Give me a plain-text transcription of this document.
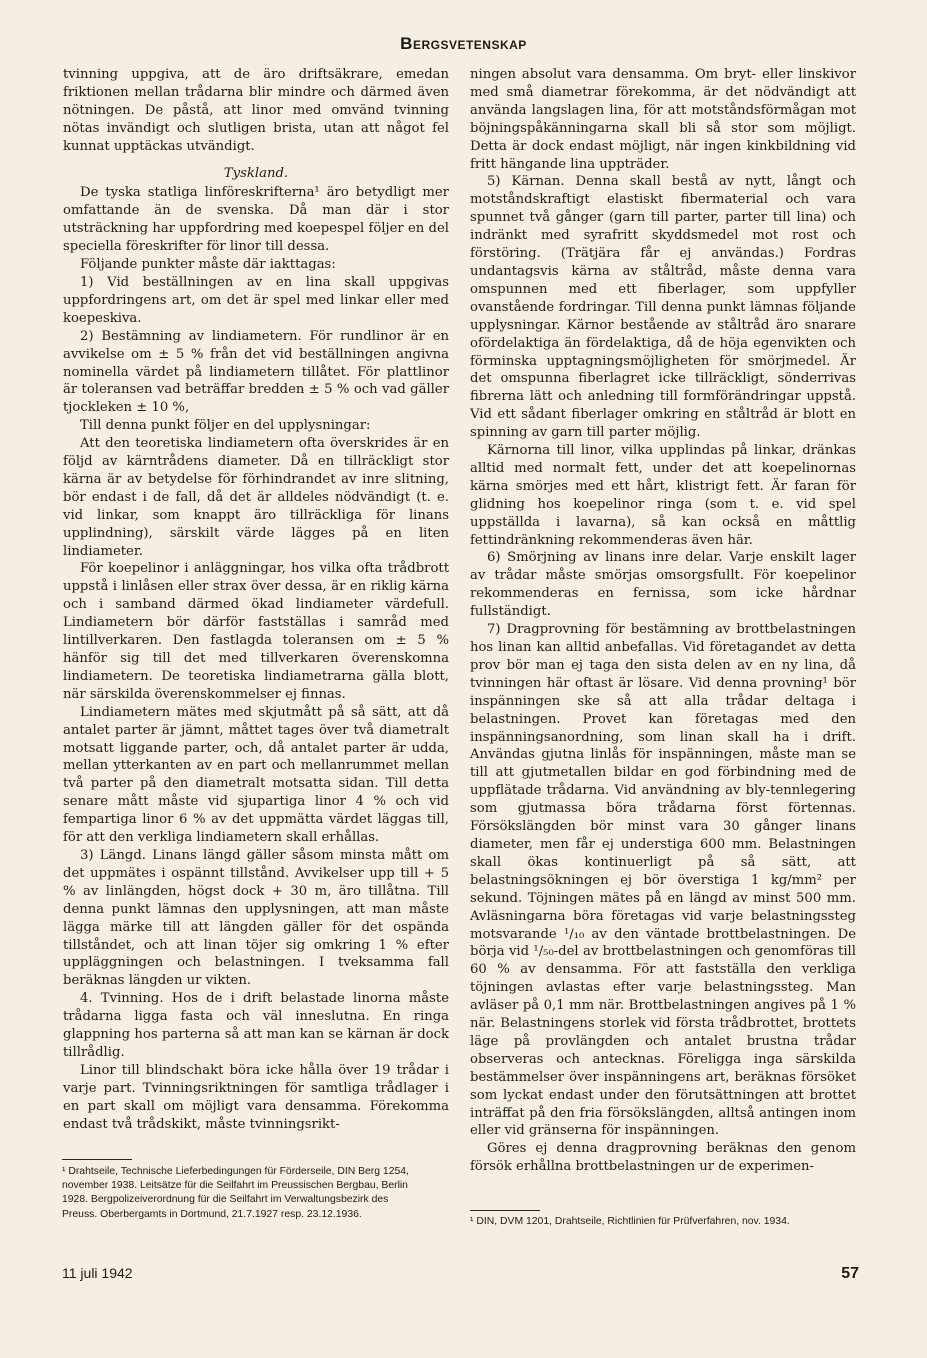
Bergsvetenskap

tvinning uppgiva, att de äro driftsäkrare, emedan friktionen mellan trådarna blir mindre och därmed även nötningen. De påstå, att linor med omvänd tvinning nötas invändigt och slutligen brista, utan att något fel kunnat upptäckas utvändigt.

Tyskland.

De tyska statliga linföreskrifterna¹ äro betydligt mer omfattande än de svenska. Då man där i stor utsträckning har uppfordring med koepespel följer en del speciella föreskrifter för linor till dessa.

Följande punkter måste där iakttagas:

1) Vid beställningen av en lina skall uppgivas uppfordringens art, om det är spel med linkar eller med koepeskiva.

2) Bestämning av lindiametern. För rundlinor är en avvikelse om ± 5 % från det vid beställningen angivna nominella värdet på lindiametern tillåtet. För plattlinor är toleransen vad beträffar bredden ± 5 % och vad gäller tjockleken ± 10 %,

Till denna punkt följer en del upplysningar:

Att den teoretiska lindiametern ofta överskrides är en följd av kärntrådens diameter. Då en tillräckligt stor kärna är av betydelse för förhindrandet av inre slitning, bör endast i de fall, då det är alldeles nödvändigt (t. e. vid linkar, som knappt äro tillräckliga för linans upplindning), särskilt värde lägges på en liten lindiameter.

För koepelinor i anläggningar, hos vilka ofta trådbrott uppstå i linlåsen eller strax över dessa, är en riklig kärna och i samband därmed ökad lindiameter värdefull. Lindiametern bör därför fastställas i samråd med lintillverkaren. Den fastlagda toleransen om ± 5 % hänför sig till det med tillverkaren överenskomna lindiametern. De teoretiska lindiametrarna gälla blott, när särskilda överenskommelser ej finnas.

Lindiametern mätes med skjutmått på så sätt, att då antalet parter är jämnt, måttet tages över två diametralt motsatt liggande parter, och, då antalet parter är udda, mellan ytterkanten av en part och mellanrummet mellan två parter på den diametralt motsatta sidan. Till detta senare mått måste vid sjupartiga linor 4 % och vid fempartiga linor 6 % av det uppmätta värdet läggas till, för att den verkliga lindiametern skall erhållas.

3) Längd. Linans längd gäller såsom minsta mått om det uppmätes i ospännt tillstånd. Avvikelser upp till + 5 % av linlängden, högst dock + 30 m, äro tillåtna. Till denna punkt lämnas den upplysningen, att man måste lägga märke till att längden gäller för det ospända tillståndet, och att linan töjer sig omkring 1 % efter uppläggningen och belastningen. I tveksamma fall beräknas längden ur vikten.

4. Tvinning. Hos de i drift belastade linorna måste trådarna ligga fasta och väl inneslutna. En ringa glappning hos parterna så att man kan se kärnan är dock tillrådlig.

Linor till blindschakt böra icke hålla över 19 trådar i varje part. Tvinningsriktningen för samtliga trådlager i en part skall om möjligt vara densamma. Förekomma endast två trådskikt, måste tvinningsrikt-

ningen absolut vara densamma. Om bryt- eller linskivor med små diametrar förekomma, är det nödvändigt att använda langslagen lina, för att motståndsförmågan mot böjningspåkänningarna skall bli så stor som möjligt. Detta är dock endast möjligt, när ingen kinkbildning vid fritt hängande lina uppträder.

5) Kärnan. Denna skall bestå av nytt, långt och motståndskraftigt elastiskt fibermaterial och vara spunnet två gånger (garn till parter, parter till lina) och indränkt med syrafritt skyddsmedel mot rost och förstöring. (Trätjära får ej användas.) Fordras undantagsvis kärna av ståltråd, måste denna vara omspunnen med ett fiberlager, som uppfyller ovanstående fordringar. Till denna punkt lämnas följande upplysningar. Kärnor bestående av ståltråd äro snarare ofördelaktiga än fördelaktiga, då de höja egenvikten och förminska upptagningsmöjligheten för smörjmedel. Är det omspunna fiberlagret icke tillräckligt, sönderrivas fibrerna lätt och anledning till formförändringar uppstå. Vid ett sådant fiberlager omkring en ståltråd är blott en spinning av garn till parter möjlig.

Kärnorna till linor, vilka upplindas på linkar, dränkas alltid med normalt fett, under det att koepelinornas kärna smörjes med ett hårt, klistrigt fett. Är faran för glidning hos koepelinor ringa (som t. e. vid spel uppställda i lavarna), så kan också en måttlig fettindränkning rekommenderas även här.

6) Smörjning av linans inre delar. Varje enskilt lager av trådar måste smörjas omsorgsfullt. För koepelinor rekommenderas en fernissa, som icke hårdnar fullständigt.

7) Dragprovning för bestämning av brottbelastningen hos linan kan alltid anbefallas. Vid företagandet av detta prov bör man ej taga den sista delen av en ny lina, då tvinningen här oftast är lösare. Vid denna provning¹ bör inspänningen ske så att alla trådar deltaga i belastningen. Provet kan företagas med den inspänningsanordning, som linan skall ha i drift. Användas gjutna linlås för inspänningen, måste man se till att gjutmetallen bildar en god förbindning med de uppflätade trådarna. Vid användning av bly-tennlegering som gjutmassa böra trådarna först förtennas. Försökslängden bör minst vara 30 gånger linans diameter, men får ej understiga 600 mm. Belastningen skall ökas kontinuerligt på så sätt, att belastningsökningen ej bör överstiga 1 kg/mm² per sekund. Töjningen mätes på en längd av minst 500 mm. Avläsningarna böra företagas vid varje belastningssteg motsvarande ¹/₁₀ av den väntade brottbelastningen. De börja vid ¹/₅₀-del av brottbelastningen och genomföras till 60 % av densamma. För att fastställa den verkliga töjningen avlastas efter varje belastningssteg. Man avläser på 0,1 mm när. Brottbelastningen angives på 1 % när. Belastningens storlek vid första trådbrottet, brottets läge på provlängden och antalet brustna trådar observeras och antecknas. Föreligga inga särskilda bestämmelser över inspänningens art, beräknas försöket som lyckat endast under den förutsättningen att brottet inträffat på den fria försökslängden, alltså antingen inom eller vid gränserna för inspänningen.

Göres ej denna dragprovning beräknas den genom försök erhållna brottbelastningen ur de experimen-

¹ Drahtseile, Technische Lieferbedingungen für Förderseile, DIN Berg 1254, november 1938. Leitsätze für die Seilfahrt im Preussischen Bergbau, Berlin 1928. Bergpolizeiverordnung für die Seilfahrt im Verwaltungsbezirk des Preuss. Oberbergamts in Dortmund, 21.7.1927 resp. 23.12.1936.
¹ DIN, DVM 1201, Drahtseile, Richtlinien für Prüfverfahren, nov. 1934.
11 juli 1942	57
